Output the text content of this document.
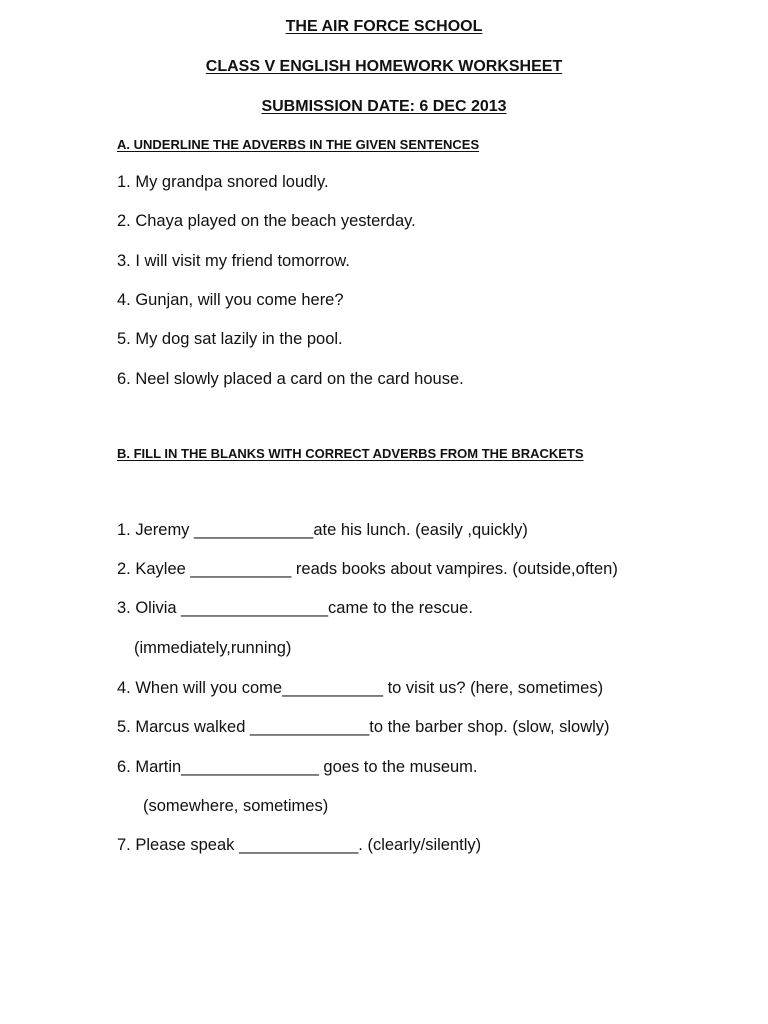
THE AIR FORCE SCHOOL
CLASS V ENGLISH HOMEWORK WORKSHEET
SUBMISSION DATE: 6 DEC 2013
A. UNDERLINE THE ADVERBS IN THE GIVEN SENTENCES
1. My grandpa snored loudly.
2. Chaya played on the beach yesterday.
3. I will visit my friend tomorrow.
4. Gunjan, will you come here?
5. My dog sat lazily in the pool.
6. Neel slowly placed a card on the card house.
B. FILL IN THE BLANKS WITH CORRECT ADVERBS FROM THE BRACKETS
1. Jeremy _____________ate his lunch. (easily ,quickly)
2. Kaylee ___________ reads books about vampires. (outside,often)
3. Olivia ________________came to the rescue.
(immediately,running)
4. When will you come___________ to visit us? (here, sometimes)
5. Marcus walked _____________to the barber shop. (slow, slowly)
6. Martin_______________ goes to the museum.
(somewhere, sometimes)
7. Please speak _____________. (clearly/silently)
